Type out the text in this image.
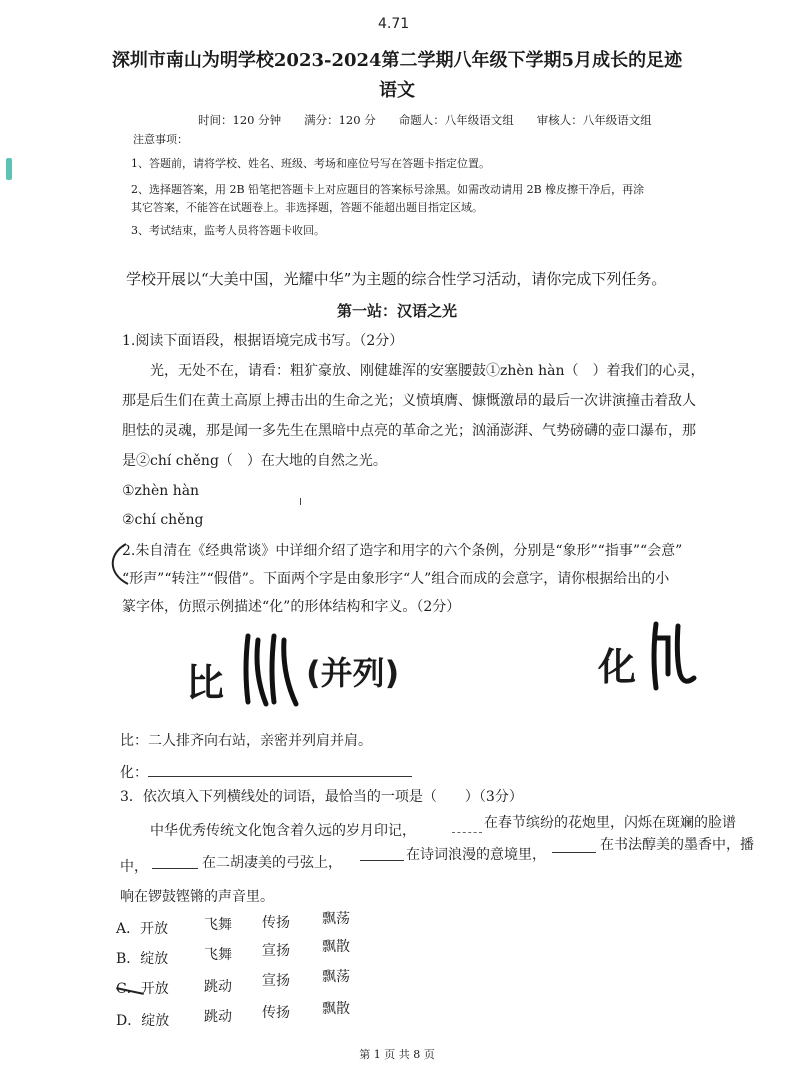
4.71
深圳市南山为明学校2023-2024第二学期八年级下学期5月成长的足迹
语文
时间：120 分钟　　满分：120 分　　命题人：八年级语文组　　审核人：八年级语文组
注意事项：
1、答题前，请将学校、姓名、班级、考场和座位号写在答题卡指定位置。
2、选择题答案，用 2B 铅笔把答题卡上对应题目的答案标号涂黑。如需改动请用 2B 橡皮擦干净后，再涂
其它答案，不能答在试题卷上。非选择题，答题不能超出题目指定区域。
3、考试结束，监考人员将答题卡收回。
学校开展以“大美中国，光耀中华”为主题的综合性学习活动，请你完成下列任务。
第一站：汉语之光
1.阅读下面语段，根据语境完成书写。（2分）
光，无处不在，请看：粗犷豪放、刚健雄浑的安塞腰鼓①zhèn hàn（　）着我们的心灵，
那是后生们在黄土高原上搏击出的生命之光；义愤填膺、慷慨激昂的最后一次讲演撞击着敌人
胆怯的灵魂，那是闻一多先生在黑暗中点亮的革命之光；汹涌澎湃、气势磅礴的壶口瀑布，那
是②chí chěng（　）在大地的自然之光。
①zhèn hàn
②chí chěng
2.朱自清在《经典常谈》中详细介绍了造字和用字的六个条例，分别是“象形”“指事”“会意”
“形声”“转注”“假借”。下面两个字是由象形字“人”组合而成的会意字，请你根据给出的小
篆字体，仿照示例描述“化”的形体结构和字义。（2分）
比	(并列)	化
比：二人排齐向右站，亲密并列肩并肩。
化：
3．依次填入下列横线处的词语，最恰当的一项是（　　）（3分）
中华优秀传统文化饱含着久远的岁月印记，	在春节缤纷的花炮里，闪烁在斑斓的脸谱
中，	在二胡凄美的弓弦上，	在诗词浪漫的意境里，
在书法醇美的墨香中，播
响在锣鼓铿锵的声音里。
A．开放	飞舞 传扬 飘荡
B．绽放	飞舞 宣扬 飘散
C．开放	跳动 宣扬 飘荡
D．绽放 跳动 传扬 飘散
第 1 页 共 8 页
